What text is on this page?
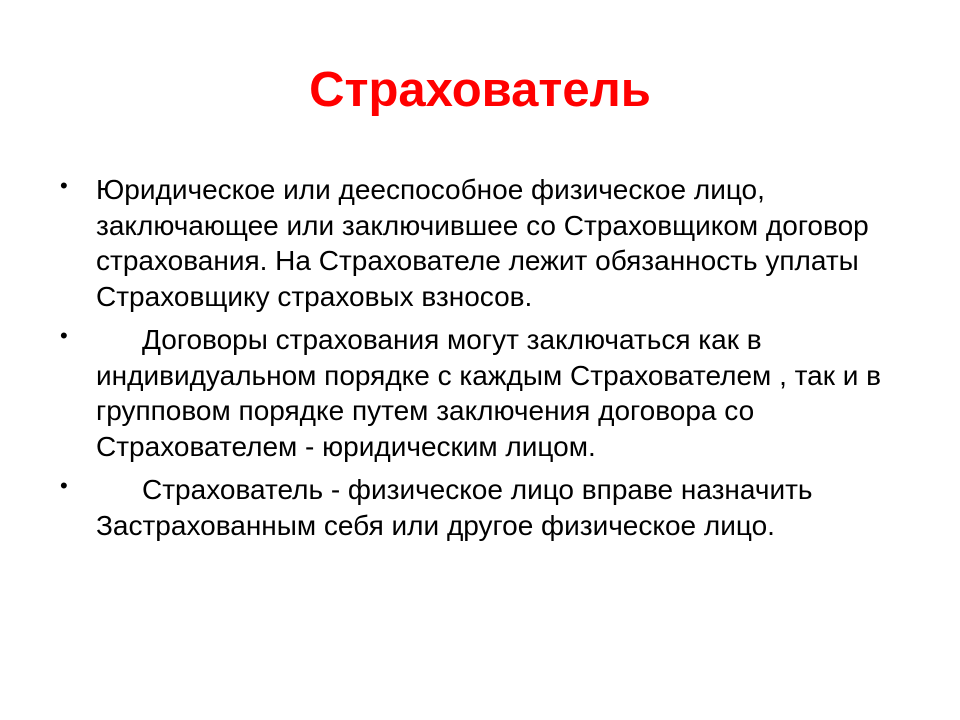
Страхователь
• Юридическое или дееспособное физическое лицо, заключающее или заключившее со Страховщиком договор страхования. На Страхователе лежит обязанность уплаты Страховщику страховых взносов.
•	Договоры страхования могут заключаться как в индивидуальном порядке с каждым Страхователем , так и в групповом порядке путем заключения договора со Страхователем - юридическим лицом.
•	Страхователь - физическое лицо вправе назначить Застрахованным себя или другое физическое лицо.
